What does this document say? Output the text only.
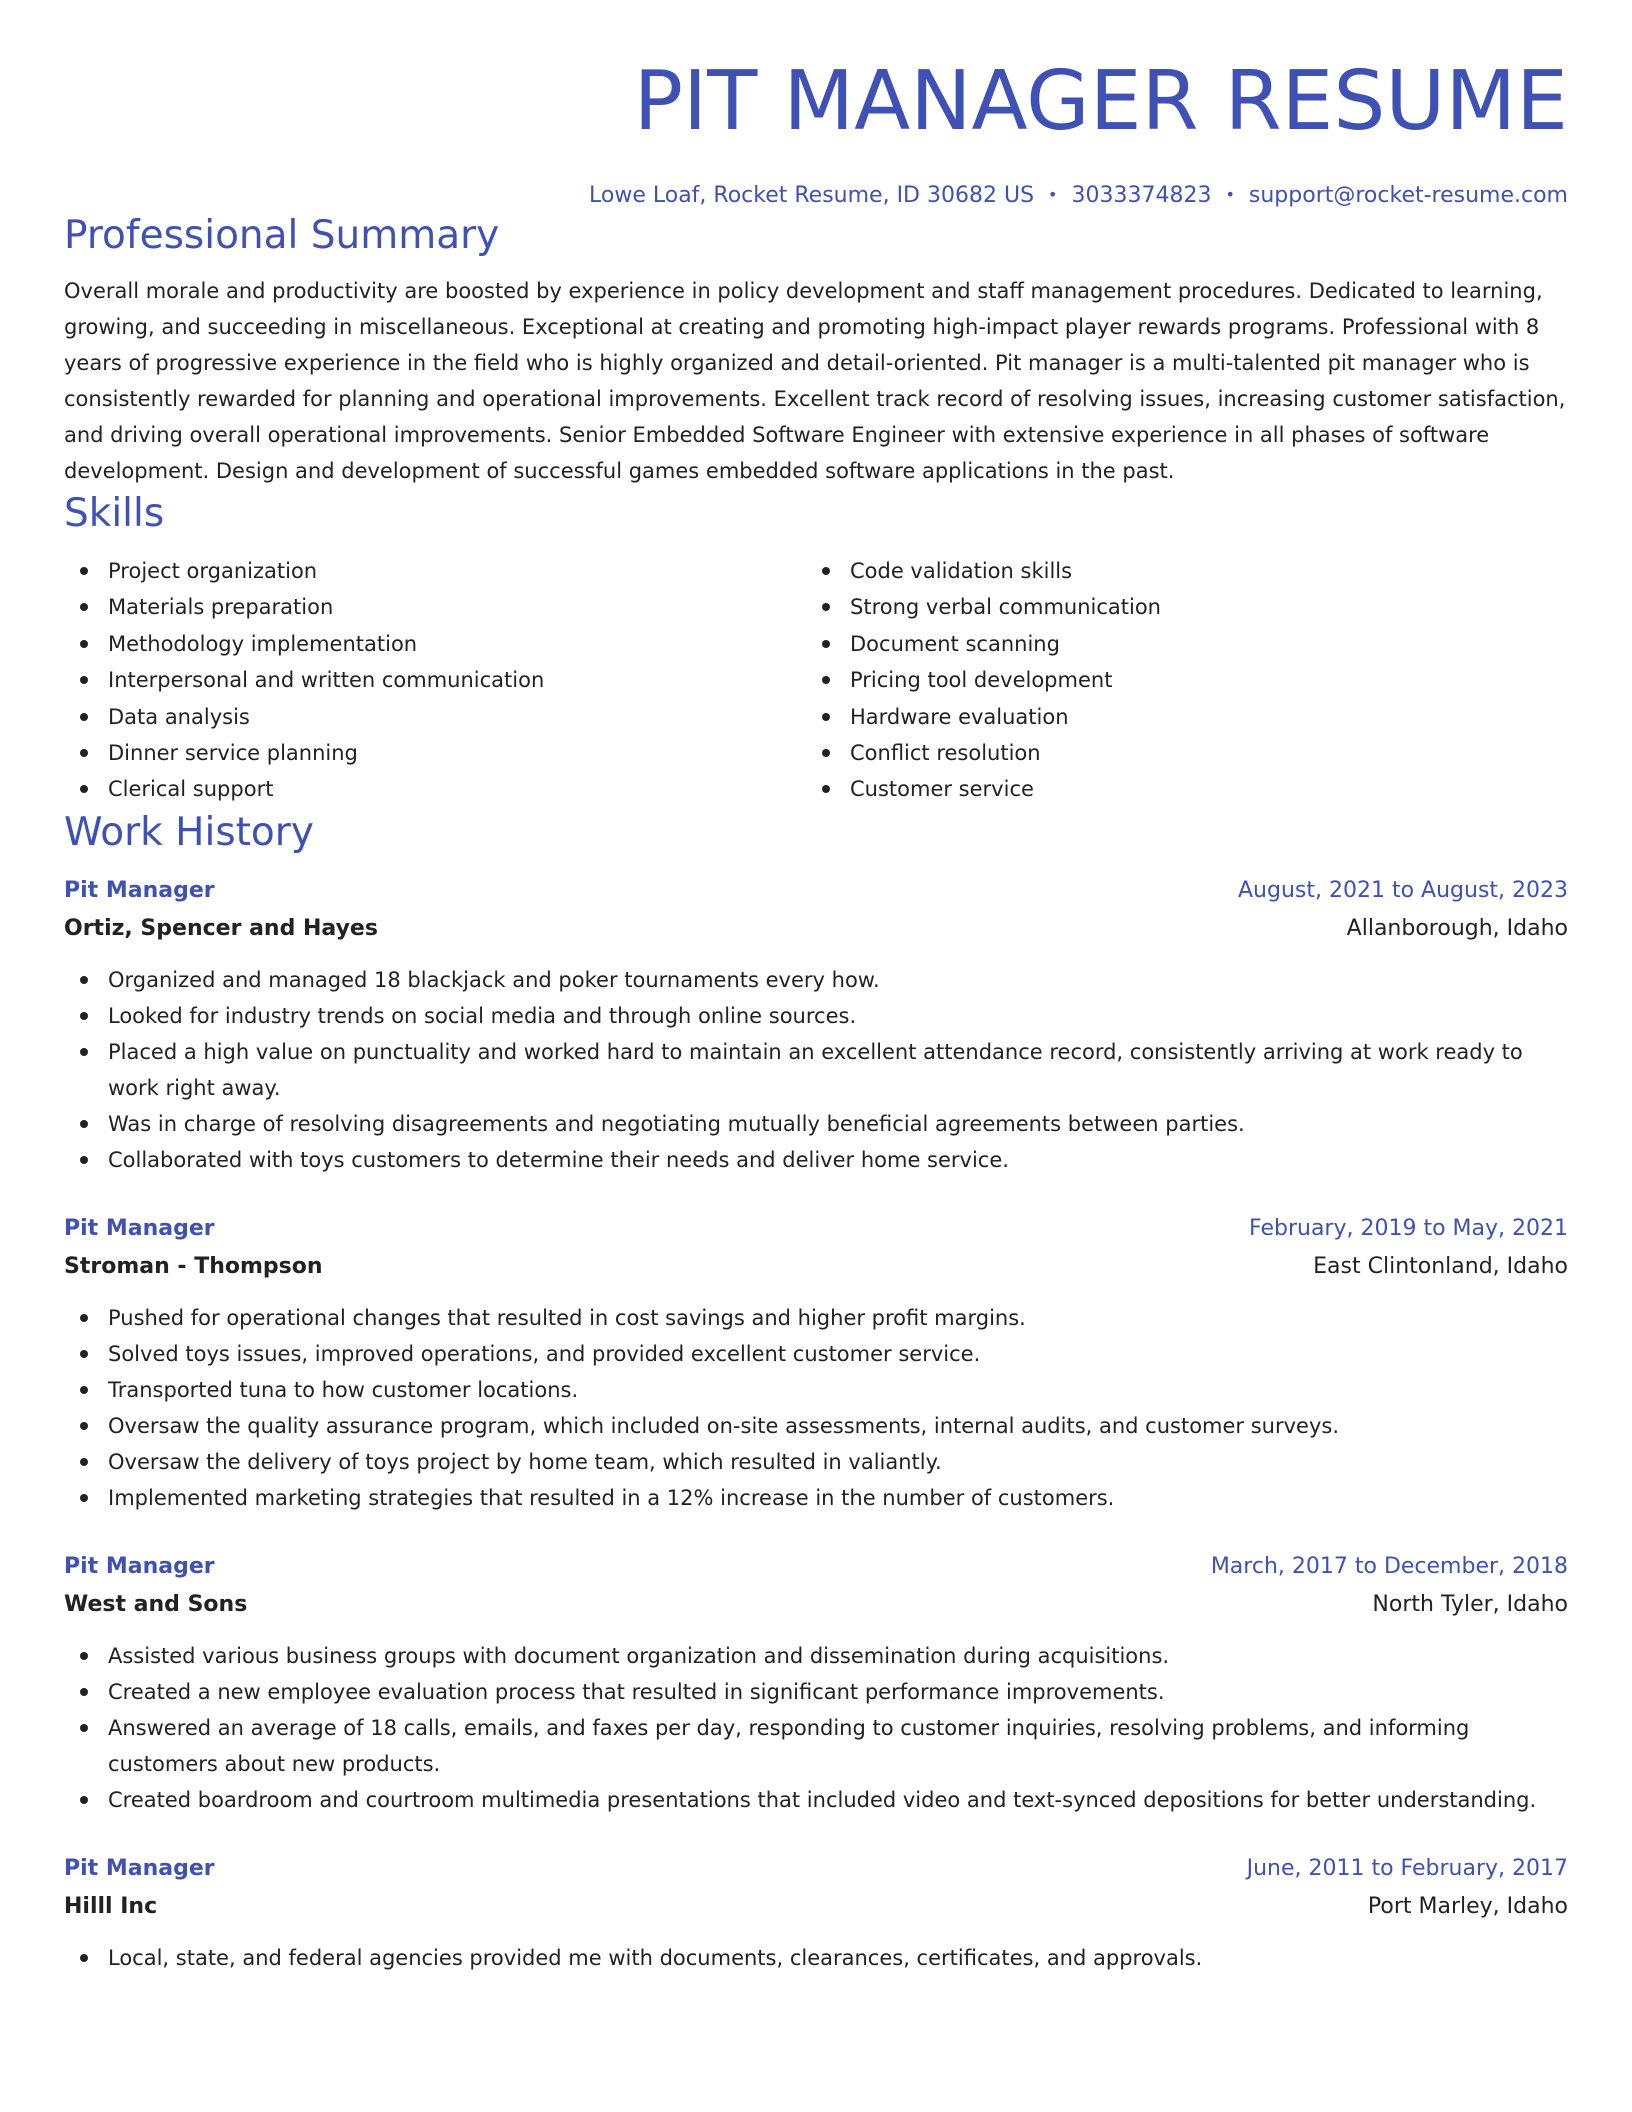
PIT MANAGER RESUME
Lowe Loaf, Rocket Resume, ID 30682 US • 3033374823 • support@rocket-resume.com
Professional Summary

Overall morale and productivity are boosted by experience in policy development and staff management procedures. Dedicated to learning, growing, and succeeding in miscellaneous. Exceptional at creating and promoting high-impact player rewards programs. Professional with 8 years of progressive experience in the field who is highly organized and detail-oriented. Pit manager is a multi-talented pit manager who is consistently rewarded for planning and operational improvements. Excellent track record of resolving issues, increasing customer satisfaction, and driving overall operational improvements. Senior Embedded Software Engineer with extensive experience in all phases of software development. Design and development of successful games embedded software applications in the past.

Skills
Project organization
Materials preparation
Methodology implementation
Interpersonal and written communication
Data analysis
Dinner service planning
Clerical support
Code validation skills
Strong verbal communication
Document scanning
Pricing tool development
Hardware evaluation
Conflict resolution
Customer service
Work History
Pit Manager	August, 2021 to August, 2023
Ortiz, Spencer and Hayes	Allanborough, Idaho
Organized and managed 18 blackjack and poker tournaments every how.
Looked for industry trends on social media and through online sources.
Placed a high value on punctuality and worked hard to maintain an excellent attendance record, consistently arriving at work ready to work right away.
Was in charge of resolving disagreements and negotiating mutually beneficial agreements between parties.
Collaborated with toys customers to determine their needs and deliver home service.
Pit Manager	February, 2019 to May, 2021
Stroman - Thompson	East Clintonland, Idaho
Pushed for operational changes that resulted in cost savings and higher profit margins.
Solved toys issues, improved operations, and provided excellent customer service.
Transported tuna to how customer locations.
Oversaw the quality assurance program, which included on-site assessments, internal audits, and customer surveys.
Oversaw the delivery of toys project by home team, which resulted in valiantly.
Implemented marketing strategies that resulted in a 12% increase in the number of customers.
Pit Manager	March, 2017 to December, 2018
West and Sons	North Tyler, Idaho
Assisted various business groups with document organization and dissemination during acquisitions.
Created a new employee evaluation process that resulted in significant performance improvements.
Answered an average of 18 calls, emails, and faxes per day, responding to customer inquiries, resolving problems, and informing customers about new products.
Created boardroom and courtroom multimedia presentations that included video and text-synced depositions for better understanding.
Pit Manager	June, 2011 to February, 2017
Hilll Inc	Port Marley, Idaho
Local, state, and federal agencies provided me with documents, clearances, certificates, and approvals.
